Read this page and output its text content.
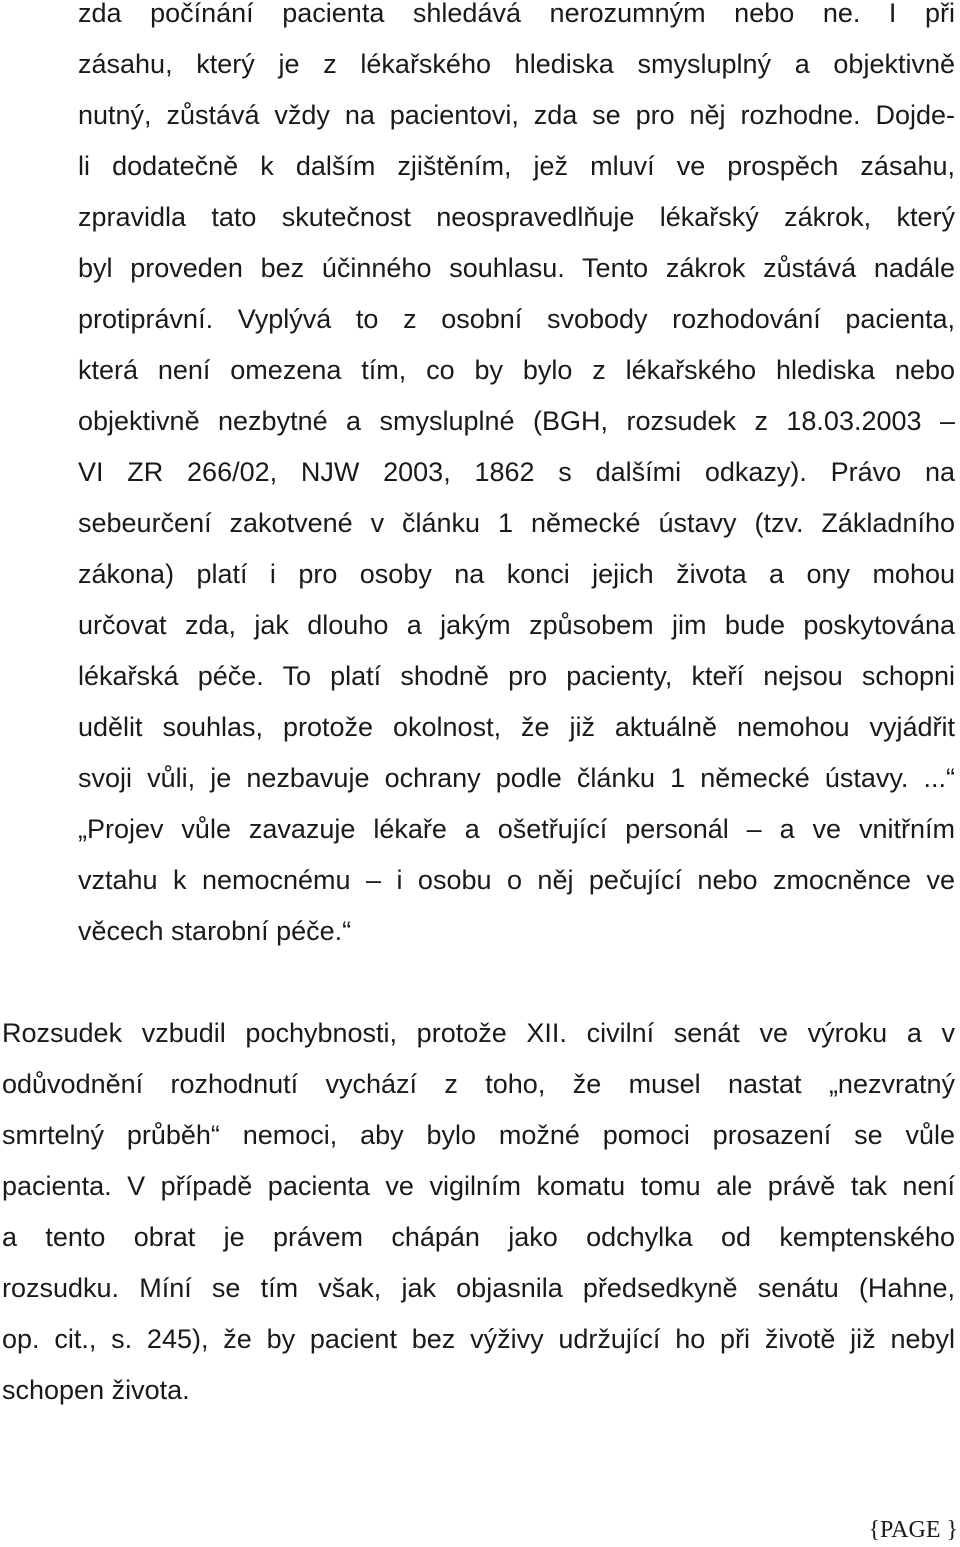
zda počínání pacienta shledává nerozumným nebo ne. I při

zásahu, který je z lékařského hlediska smysluplný a objektivně

nutný, zůstává vždy na pacientovi, zda se pro něj rozhodne. Dojde-

li dodatečně k dalším zjištěním, jež mluví ve prospěch zásahu,

zpravidla tato skutečnost neospravedlňuje lékařský zákrok, který

byl proveden bez účinného souhlasu. Tento zákrok zůstává nadále

protiprávní. Vyplývá to z osobní svobody rozhodování pacienta,

která není omezena tím, co by bylo z lékařského hlediska nebo

objektivně nezbytné a smysluplné (BGH, rozsudek z 18.03.2003 –

VI ZR 266/02, NJW 2003, 1862 s dalšími odkazy). Právo na

sebeurčení zakotvené v článku 1 německé ústavy (tzv. Základního

zákona) platí i pro osoby na konci jejich života a ony mohou

určovat zda, jak dlouho a jakým způsobem jim bude poskytována

lékařská péče. To platí shodně pro pacienty, kteří nejsou schopni

udělit souhlas, protože okolnost, že již aktuálně nemohou vyjádřit

svoji vůli, je nezbavuje ochrany podle článku 1 německé ústavy. ...“

„Projev vůle zavazuje lékaře a ošetřující personál – a ve vnitřním

vztahu k nemocnému – i osobu o něj pečující nebo zmocněnce ve

věcech starobní péče.“

Rozsudek vzbudil pochybnosti, protože XII. civilní senát ve výroku a v

odůvodnění rozhodnutí vychází z toho, že musel nastat „nezvratný

smrtelný průběh“ nemoci, aby bylo možné pomoci prosazení se vůle

pacienta. V případě pacienta ve vigilním komatu tomu ale právě tak není

a tento obrat je právem chápán jako odchylka od kemptenského

rozsudku. Míní se tím však, jak objasnila předsedkyně senátu (Hahne,

op. cit., s. 245), že by pacient bez výživy udržující ho při životě již nebyl

schopen života.

{PAGE }
